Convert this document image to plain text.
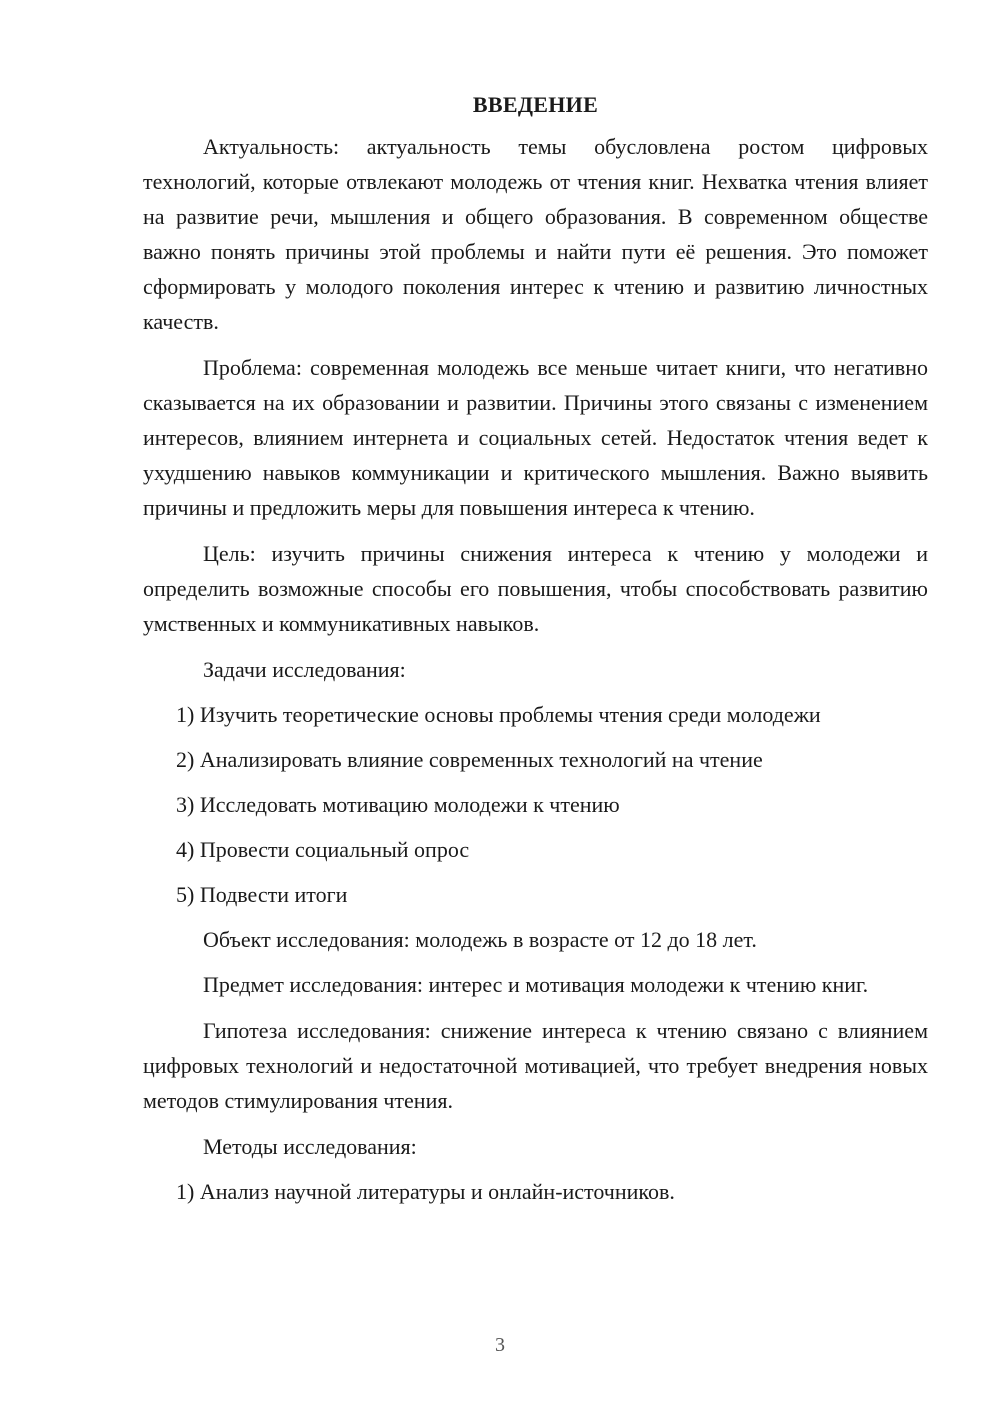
ВВЕДЕНИЕ

Актуальность: актуальность темы обусловлена ростом цифровых технологий, которые отвлекают молодежь от чтения книг. Нехватка чтения влияет на развитие речи, мышления и общего образования. В современном обществе важно понять причины этой проблемы и найти пути её решения. Это поможет сформировать у молодого поколения интерес к чтению и развитию личностных качеств.

Проблема: современная молодежь все меньше читает книги, что негативно сказывается на их образовании и развитии. Причины этого связаны с изменением интересов, влиянием интернета и социальных сетей. Недостаток чтения ведет к ухудшению навыков коммуникации и критического мышления. Важно выявить причины и предложить меры для повышения интереса к чтению.

Цель: изучить причины снижения интереса к чтению у молодежи и определить возможные способы его повышения, чтобы способствовать развитию умственных и коммуникативных навыков.

Задачи исследования:

1) Изучить теоретические основы проблемы чтения среди молодежи

2) Анализировать влияние современных технологий на чтение

3) Исследовать мотивацию молодежи к чтению

4) Провести социальный опрос

5) Подвести итоги

Объект исследования: молодежь в возрасте от 12 до 18 лет.

Предмет исследования: интерес и мотивация молодежи к чтению книг.

Гипотеза исследования: снижение интереса к чтению связано с влиянием цифровых технологий и недостаточной мотивацией, что требует внедрения новых методов стимулирования чтения.

Методы исследования:

1) Анализ научной литературы и онлайн-источников.

3
